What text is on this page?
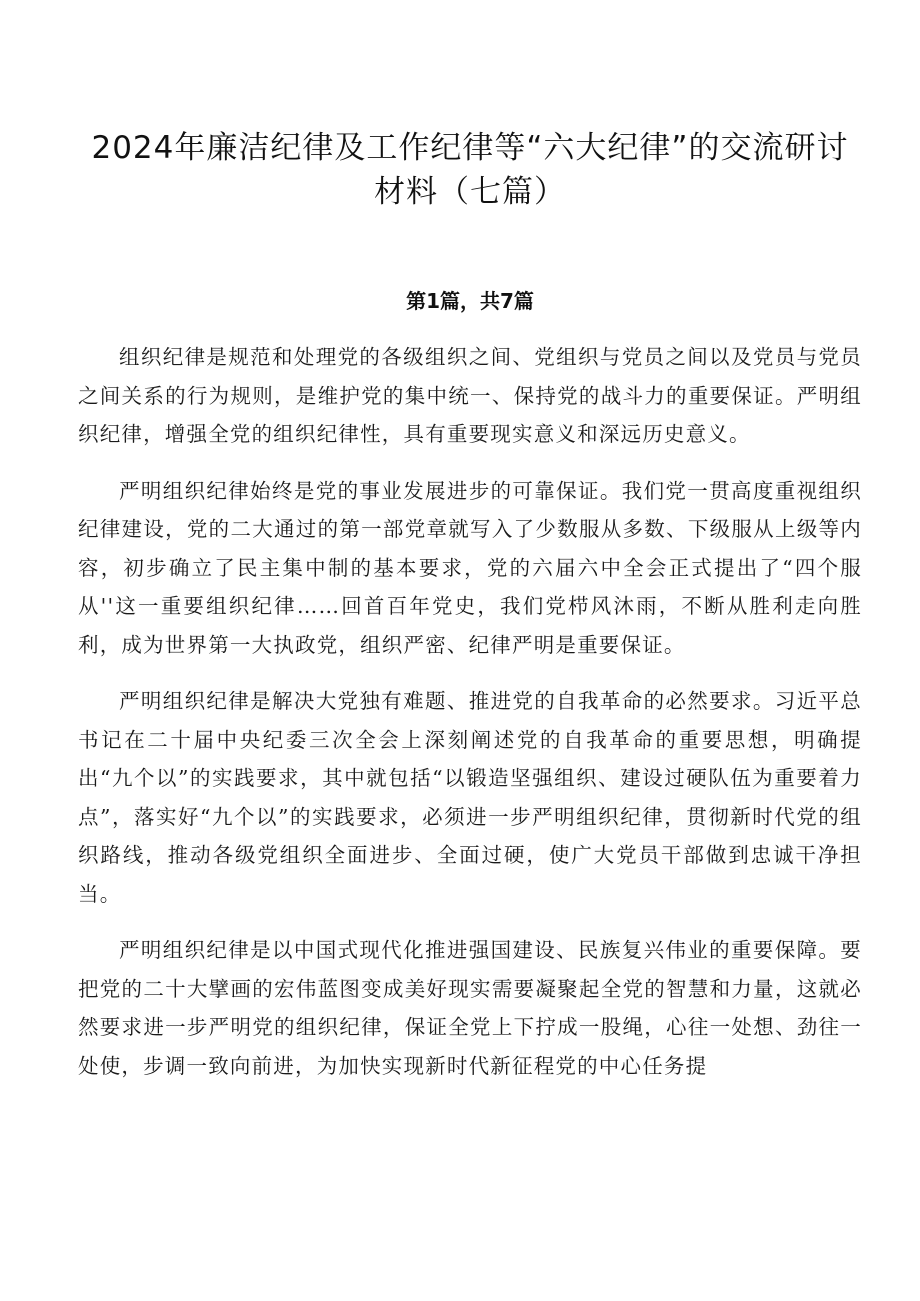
2024年廉洁纪律及工作纪律等“六大纪律”的交流研讨
材料（七篇）
第1篇，共7篇

组织纪律是规范和处理党的各级组织之间、党组织与党员之间以及党员与党员之间关系的行为规则，是维护党的集中统一、保持党的战斗力的重要保证。严明组织纪律，增强全党的组织纪律性，具有重要现实意义和深远历史意义。

严明组织纪律始终是党的事业发展进步的可靠保证。我们党一贯高度重视组织纪律建设，党的二大通过的第一部党章就写入了少数服从多数、下级服从上级等内容，初步确立了民主集中制的基本要求，党的六届六中全会正式提出了“四个服从''这一重要组织纪律……回首百年党史，我们党栉风沐雨，不断从胜利走向胜利，成为世界第一大执政党，组织严密、纪律严明是重要保证。

严明组织纪律是解决大党独有难题、推进党的自我革命的必然要求。习近平总书记在二十届中央纪委三次全会上深刻阐述党的自我革命的重要思想，明确提出“九个以”的实践要求，其中就包括“以锻造坚强组织、建设过硬队伍为重要着力点”，落实好“九个以”的实践要求，必须进一步严明组织纪律，贯彻新时代党的组织路线，推动各级党组织全面进步、全面过硬，使广大党员干部做到忠诚干净担当。

严明组织纪律是以中国式现代化推进强国建设、民族复兴伟业的重要保障。要把党的二十大擘画的宏伟蓝图变成美好现实需要凝聚起全党的智慧和力量，这就必然要求进一步严明党的组织纪律，保证全党上下拧成一股绳，心往一处想、劲往一处使，步调一致向前进，为加快实现新时代新征程党的中心任务提
